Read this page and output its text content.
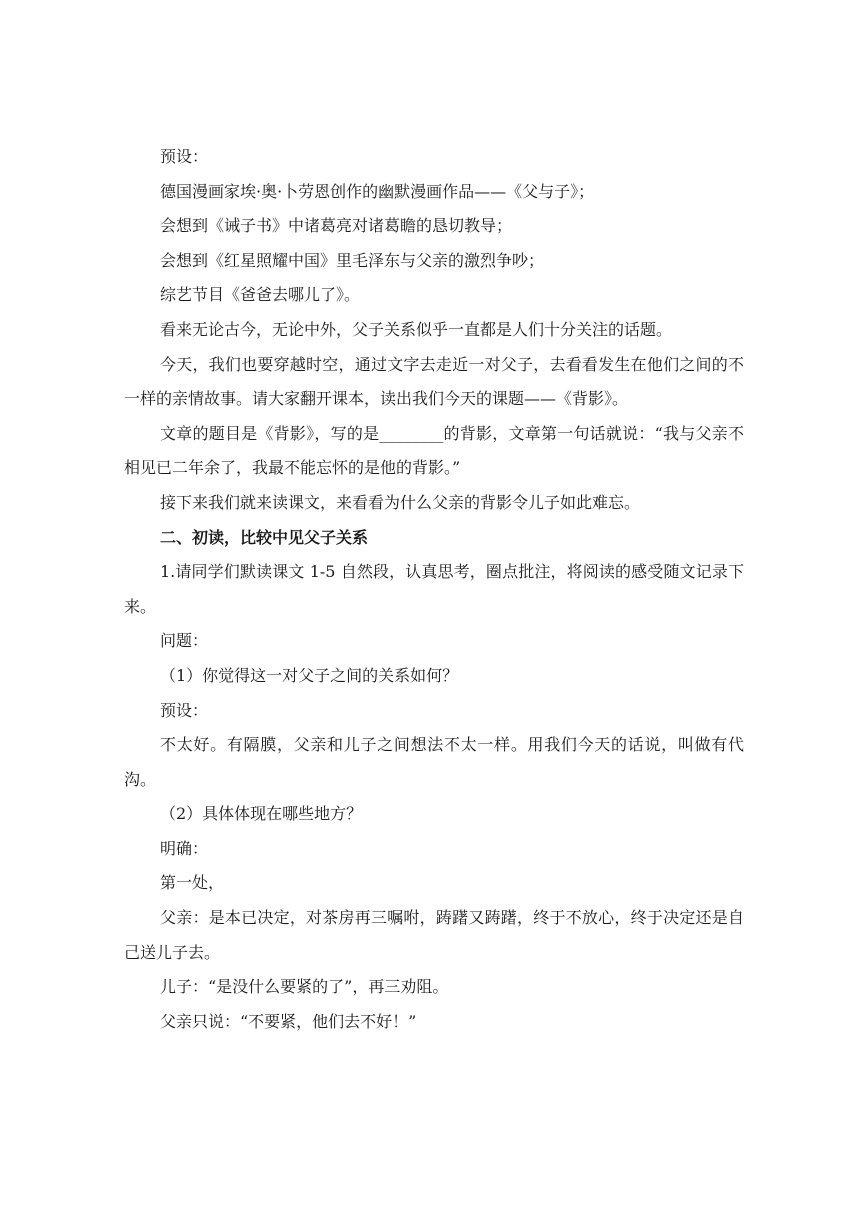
预设：

德国漫画家埃·奥·卜劳恩创作的幽默漫画作品——《父与子》；

会想到《诫子书》中诸葛亮对诸葛瞻的恳切教导；

会想到《红星照耀中国》里毛泽东与父亲的激烈争吵；

综艺节目《爸爸去哪儿了》。

看来无论古今，无论中外，父子关系似乎一直都是人们十分关注的话题。

今天，我们也要穿越时空，通过文字去走近一对父子，去看看发生在他们之间的不一样的亲情故事。请大家翻开课本，读出我们今天的课题——《背影》。

文章的题目是《背影》，写的是________的背影，文章第一句话就说：“我与父亲不相见已二年余了，我最不能忘怀的是他的背影。”

接下来我们就来读课文，来看看为什么父亲的背影令儿子如此难忘。

二、初读，比较中见父子关系

1.请同学们默读课文 1-5 自然段，认真思考，圈点批注，将阅读的感受随文记录下来。

问题：

（1）你觉得这一对父子之间的关系如何？

预设：

不太好。有隔膜，父亲和儿子之间想法不太一样。用我们今天的话说，叫做有代沟。

（2）具体体现在哪些地方？

明确：

第一处，

父亲：是本已决定，对茶房再三嘱咐，踌躇又踌躇，终于不放心，终于决定还是自己送儿子去。

儿子：“是没什么要紧的了”，再三劝阻。

父亲只说：“不要紧，他们去不好！”
